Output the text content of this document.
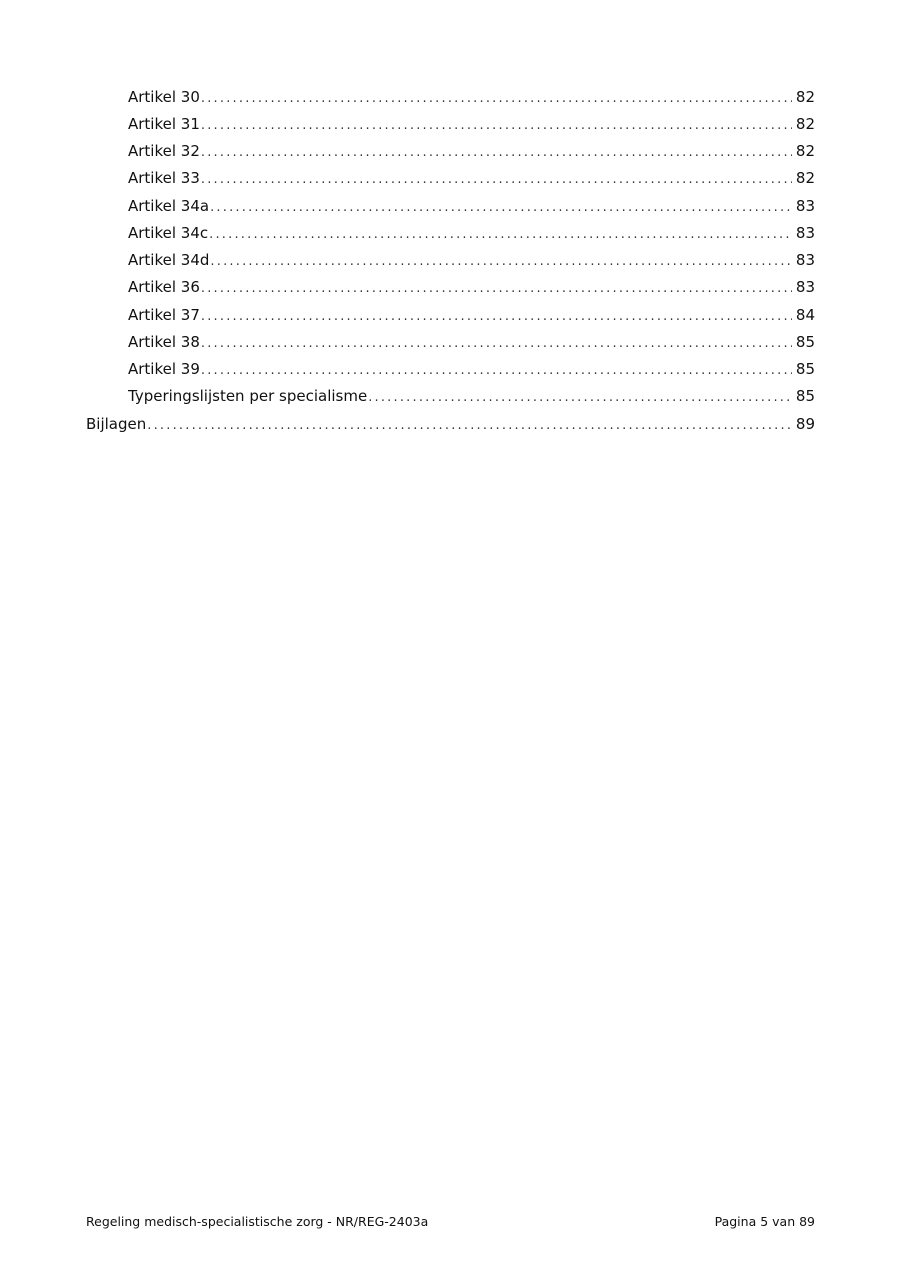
Artikel 30 .....	82
Artikel 31 .....	82
Artikel 32 .....	82
Artikel 33 .....	82
Artikel 34a .....	83
Artikel 34c .....	83
Artikel 34d .....	83
Artikel 36 .....	83
Artikel 37 .....	84
Artikel 38 .....	85
Artikel 39 .....	85
Typeringslijsten per specialisme .....	85
Bijlagen .....	89
Regeling medisch-specialistische zorg - NR/REG-2403a	Pagina 5 van 89
